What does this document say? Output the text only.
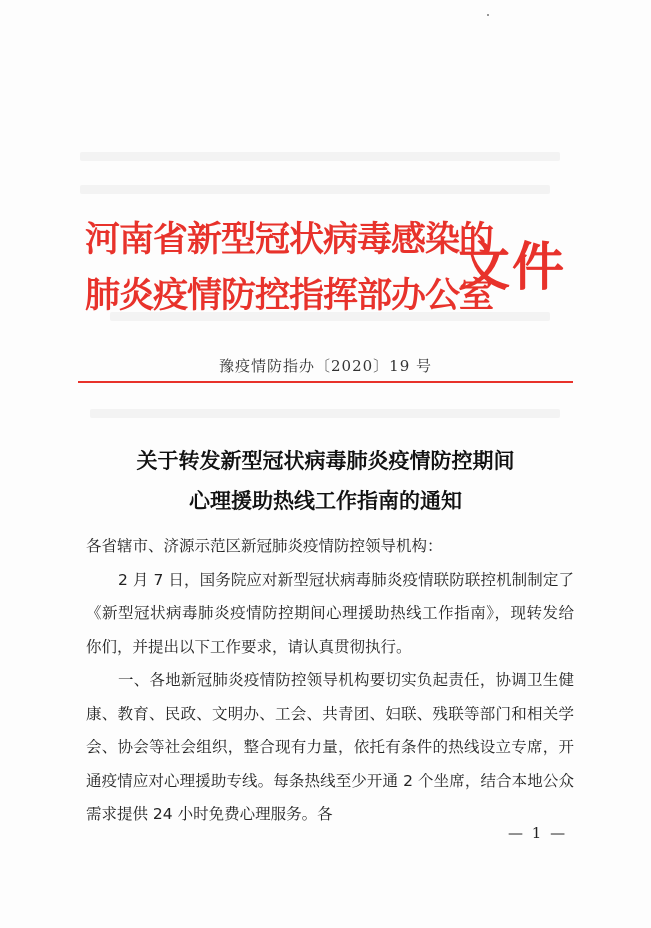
河南省新型冠状病毒感染的
肺炎疫情防控指挥部办公室
文件
豫疫情防指办〔2020〕19 号
关于转发新型冠状病毒肺炎疫情防控期间
心理援助热线工作指南的通知

各省辖市、济源示范区新冠肺炎疫情防控领导机构：

2 月 7 日，国务院应对新型冠状病毒肺炎疫情联防联控机制制定了《新型冠状病毒肺炎疫情防控期间心理援助热线工作指南》，现转发给你们，并提出以下工作要求，请认真贯彻执行。

一、各地新冠肺炎疫情防控领导机构要切实负起责任，协调卫生健康、教育、民政、文明办、工会、共青团、妇联、残联等部门和相关学会、协会等社会组织，整合现有力量，依托有条件的热线设立专席，开通疫情应对心理援助专线。每条热线至少开通 2 个坐席，结合本地公众需求提供 24 小时免费心理服务。各

— 1 —
